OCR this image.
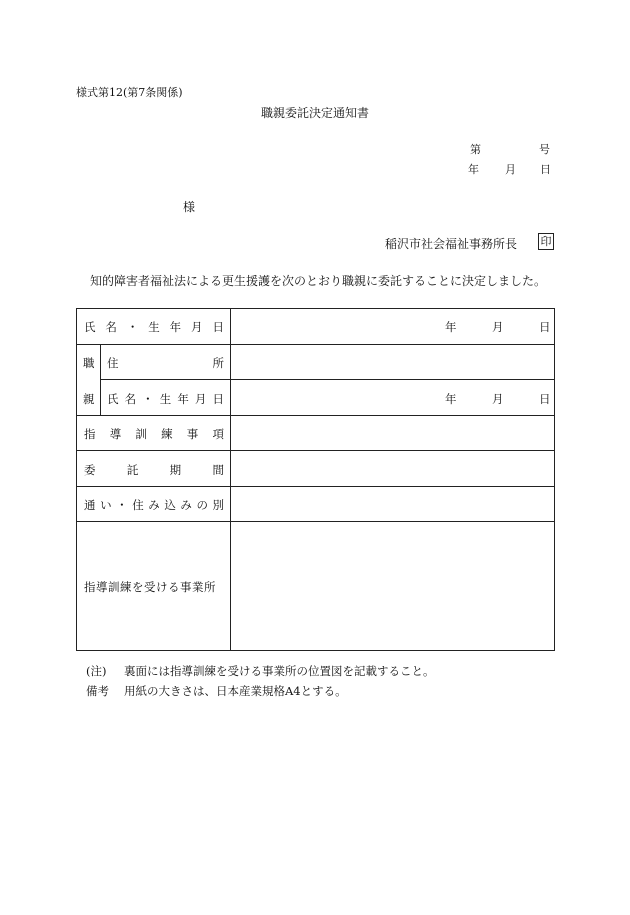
様式第12(第7条関係)
職親委託決定通知書
第	号
年 月 日
様
稲沢市社会福祉事務所長 印
知的障害者福祉法による更生援護を次のとおり職親に委託することに決定しました。
氏 名 ・ 生 年 月 日	年	月	日
職
親
住	所
氏 名 ・ 生 年 月 日	年	月	日
指 導 訓 練 事 項
委	託	期	間
通 い ・ 住 み 込 み の 別
指導訓練を受ける事業所
(注) 裏面には指導訓練を受ける事業所の位置図を記載すること。
備考 用紙の大きさは、日本産業規格A4とする。
